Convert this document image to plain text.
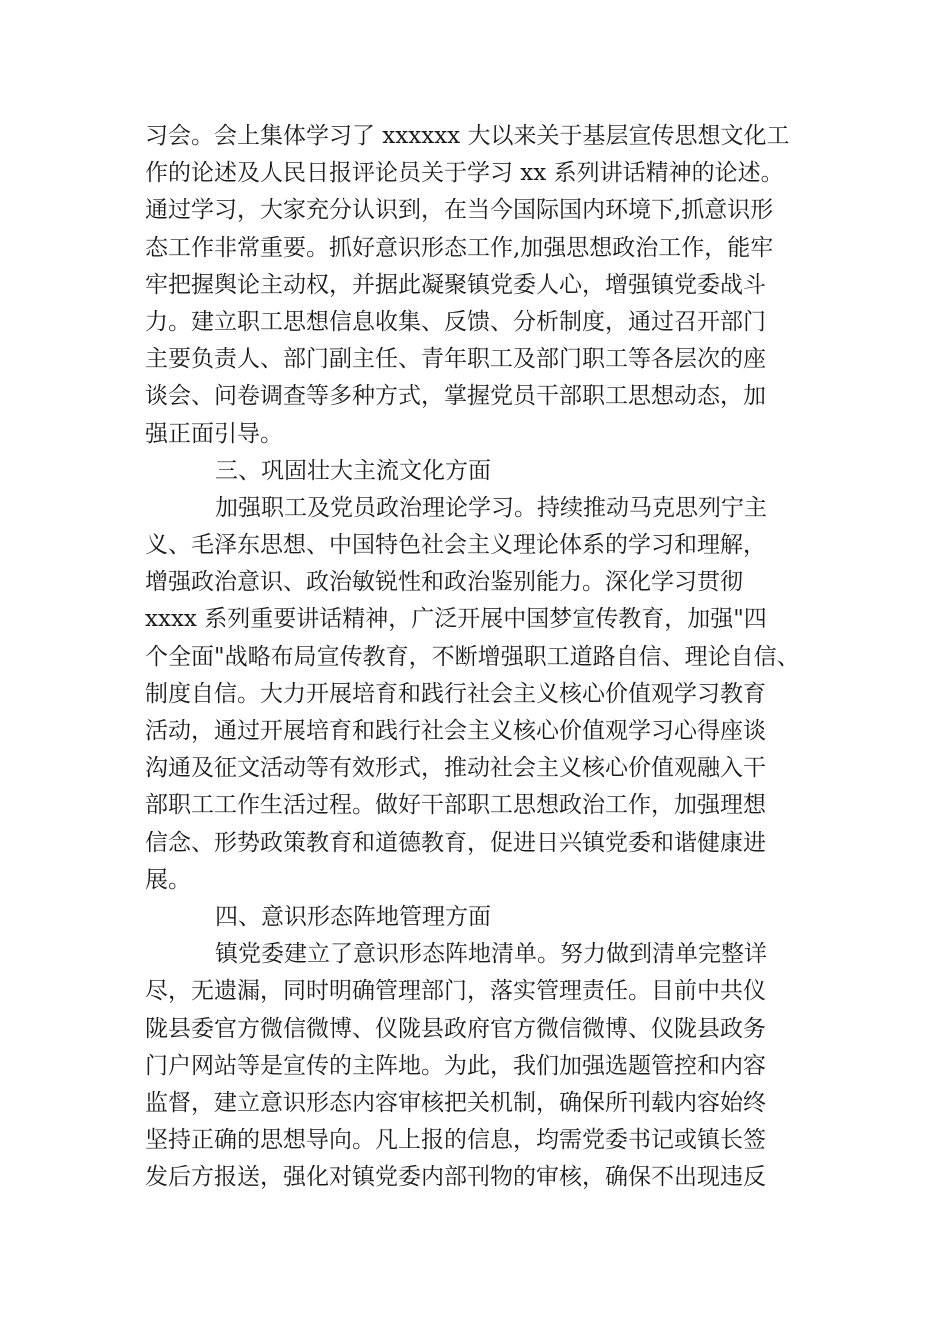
习会。会上集体学习了 xxxxxx 大以来关于基层宣传思想文化工
作的论述及人民日报评论员关于学习 xx 系列讲话精神的论述。
通过学习，大家充分认识到，在当今国际国内环境下,抓意识形
态工作非常重要。抓好意识形态工作,加强思想政治工作，能牢
牢把握舆论主动权，并据此凝聚镇党委人心，增强镇党委战斗
力。建立职工思想信息收集、反馈、分析制度，通过召开部门
主要负责人、部门副主任、青年职工及部门职工等各层次的座
谈会、问卷调查等多种方式，掌握党员干部职工思想动态，加
强正面引导。
三、巩固壮大主流文化方面
加强职工及党员政治理论学习。持续推动马克思列宁主
义、毛泽东思想、中国特色社会主义理论体系的学习和理解，
增强政治意识、政治敏锐性和政治鉴别能力。深化学习贯彻
xxxx 系列重要讲话精神，广泛开展中国梦宣传教育，加强"四
个全面"战略布局宣传教育，不断增强职工道路自信、理论自信、
制度自信。大力开展培育和践行社会主义核心价值观学习教育
活动，通过开展培育和践行社会主义核心价值观学习心得座谈
沟通及征文活动等有效形式，推动社会主义核心价值观融入干
部职工工作生活过程。做好干部职工思想政治工作，加强理想
信念、形势政策教育和道德教育，促进日兴镇党委和谐健康进
展。
四、意识形态阵地管理方面
镇党委建立了意识形态阵地清单。努力做到清单完整详
尽，无遗漏，同时明确管理部门，落实管理责任。目前中共仪
陇县委官方微信微博、仪陇县政府官方微信微博、仪陇县政务
门户网站等是宣传的主阵地。为此，我们加强选题管控和内容
监督，建立意识形态内容审核把关机制，确保所刊载内容始终
坚持正确的思想导向。凡上报的信息，均需党委书记或镇长签
发后方报送，强化对镇党委内部刊物的审核，确保不出现违反
